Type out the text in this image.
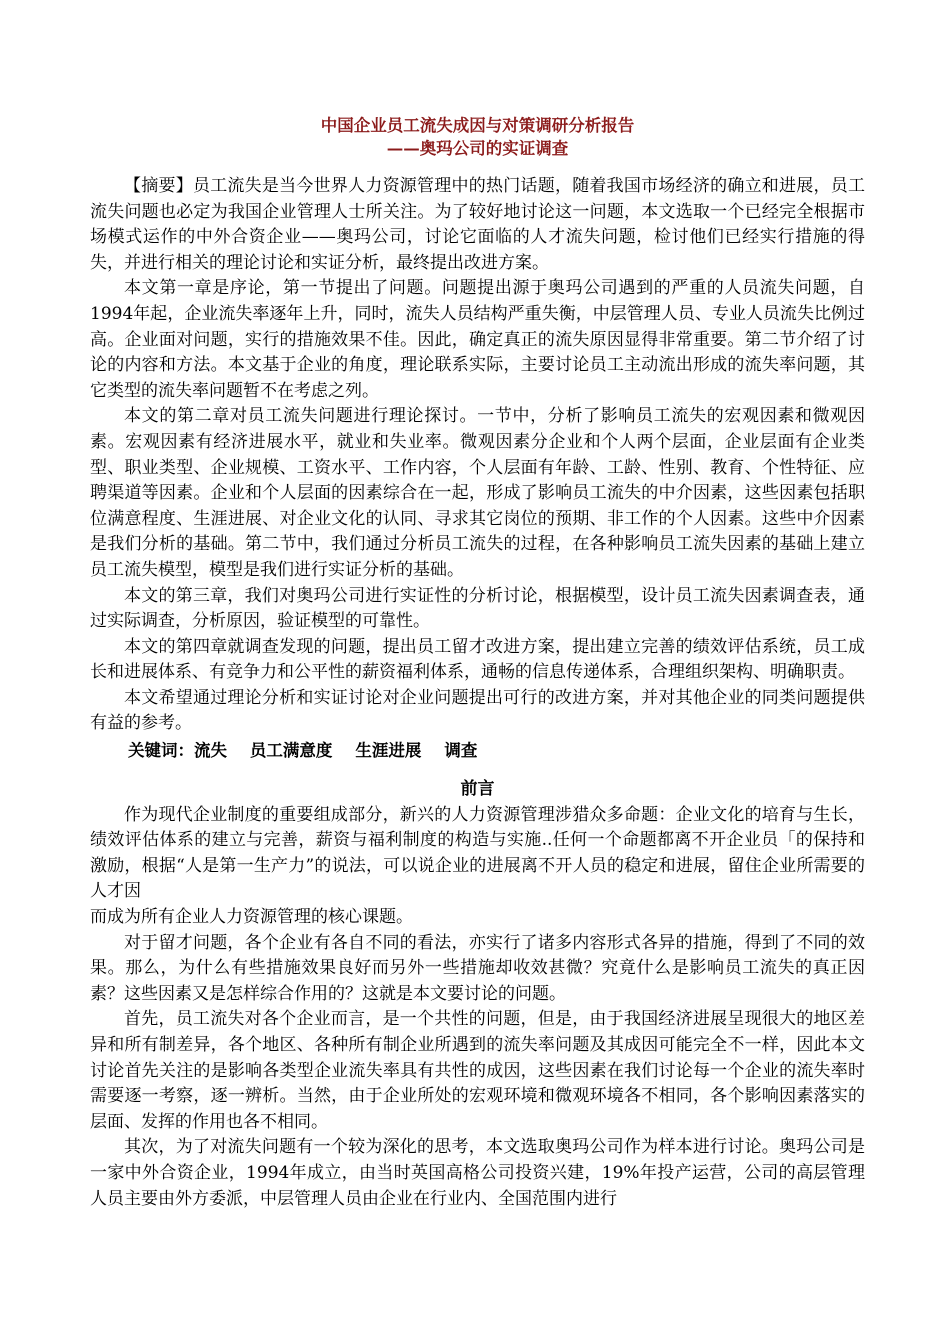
中国企业员工流失成因与对策调研分析报告
——奥玛公司的实证调查

【摘要】员工流失是当今世界人力资源管理中的热门话题，随着我国市场经济的确立和进展，员工流失问题也必定为我国企业管理人士所关注。为了较好地讨论这一问题，本文选取一个已经完全根据市场模式运作的中外合资企业——奥玛公司，讨论它面临的人才流失问题，检讨他们已经实行措施的得失，并进行相关的理论讨论和实证分析，最终提出改进方案。

本文第一章是序论，第一节提出了问题。问题提出源于奥玛公司遇到的严重的人员流失问题，自1994年起，企业流失率逐年上升，同时，流失人员结构严重失衡，中层管理人员、专业人员流失比例过高。企业面对问题，实行的措施效果不佳。因此，确定真正的流失原因显得非常重要。第二节介绍了讨论的内容和方法。本文基于企业的角度，理论联系实际，主要讨论员工主动流出形成的流失率问题，其它类型的流失率问题暂不在考虑之列。

本文的第二章对员工流失问题进行理论探讨。一节中，分析了影响员工流失的宏观因素和微观因素。宏观因素有经济进展水平，就业和失业率。微观因素分企业和个人两个层面，企业层面有企业类型、职业类型、企业规模、工资水平、工作内容，个人层面有年龄、工龄、性别、教育、个性特征、应聘渠道等因素。企业和个人层面的因素综合在一起，形成了影响员工流失的中介因素，这些因素包括职位满意程度、生涯进展、对企业文化的认同、寻求其它岗位的预期、非工作的个人因素。这些中介因素是我们分析的基础。第二节中，我们通过分析员工流失的过程，在各种影响员工流失因素的基础上建立员工流失模型，模型是我们进行实证分析的基础。

本文的第三章，我们对奥玛公司进行实证性的分析讨论，根据模型，设计员工流失因素调查表，通过实际调查，分析原因，验证模型的可靠性。

本文的第四章就调查发现的问题，提出员工留才改进方案，提出建立完善的绩效评估系统，员工成长和进展体系、有竞争力和公平性的薪资福利体系，通畅的信息传递体系，合理组织架构、明确职责。

本文希望通过理论分析和实证讨论对企业问题提出可行的改进方案，并对其他企业的同类问题提供有益的参考。

关键词：流失 员工满意度 生涯进展 调查

前言

作为现代企业制度的重要组成部分，新兴的人力资源管理涉猎众多命题：企业文化的培育与生长，绩效评估体系的建立与完善，薪资与福利制度的构造与实施..任何一个命题都离不开企业员「的保持和激励，根据“人是第一生产力”的说法，可以说企业的进展离不开人员的稳定和进展，留住企业所需要的人才因

而成为所有企业人力资源管理的核心课题。

对于留才问题，各个企业有各自不同的看法，亦实行了诸多内容形式各异的措施，得到了不同的效果。那么，为什么有些措施效果良好而另外一些措施却收效甚微？究竟什么是影响员工流失的真正因素？这些因素又是怎样综合作用的？这就是本文要讨论的问题。

首先，员工流失对各个企业而言，是一个共性的问题，但是，由于我国经济进展呈现很大的地区差异和所有制差异，各个地区、各种所有制企业所遇到的流失率问题及其成因可能完全不一样，因此本文讨论首先关注的是影响各类型企业流失率具有共性的成因，这些因素在我们讨论每一个企业的流失率时需要逐一考察，逐一辨析。当然，由于企业所处的宏观环境和微观环境各不相同，各个影响因素落实的层面、发挥的作用也各不相同。

其次，为了对流失问题有一个较为深化的思考，本文选取奥玛公司作为样本进行讨论。奥玛公司是一家中外合资企业，1994年成立，由当时英国高格公司投资兴建，19%年投产运营，公司的高层管理人员主要由外方委派，中层管理人员由企业在行业内、全国范围内进行
